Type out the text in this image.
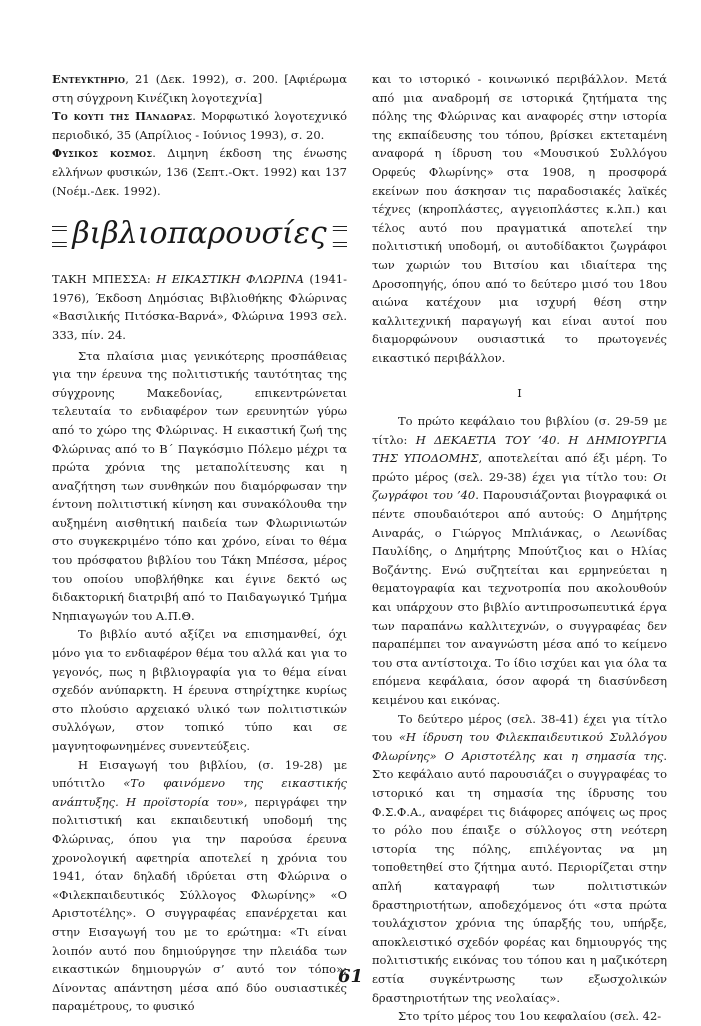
Εντευκτηριο, 21 (Δεκ. 1992), σ. 200. [Αφιέρωμα στη σύγχρονη Κινέζικη λογοτεχνία]

Το κουτι της Πανδωρας. Μορφωτικό λογοτεχνικό περιοδικό, 35 (Απρίλιος - Ιούνιος 1993), σ. 20.

Φυσικος κοσμος. Διμηνη έκδοση της ένωσης ελλήνων φυσικών, 136 (Σεπτ.-Οκτ. 1992) και 137 (Νοέμ.-Δεκ. 1992).

βιβλιοπαρουσίες

ΤΑΚΗ ΜΠΕΣΣΑ: Η ΕΙΚΑΣΤΙΚΗ ΦΛΩΡΙΝΑ (1941-1976), Έκδοση Δημόσιας Βιβλιοθήκης Φλώρινας «Βασιλικής Πιτόσκα-Βαρνά», Φλώρινα 1993 σελ. 333, πίν. 24.

Στα πλαίσια μιας γενικότερης προσπάθειας για την έρευνα της πολιτιστικής ταυτότητας της σύγχρονης Μακεδονίας, επικεντρώνεται τελευταία το ενδιαφέρον των ερευνητών γύρω από το χώρο της Φλώρινας. Η εικαστική ζωή της Φλώρινας από το Β΄ Παγκόσμιο Πόλεμο μέχρι τα πρώτα χρόνια της μεταπολίτευσης και η αναζήτηση των συνθηκών που διαμόρφωσαν την έντονη πολιτιστική κίνηση και συνακόλουθα την αυξημένη αισθητική παιδεία των Φλωρινιωτών στο συγκεκριμένο τόπο και χρόνο, είναι το θέμα του πρόσφατου βιβλίου του Τάκη Μπέσσα, μέρος του οποίου υποβλήθηκε και έγινε δεκτό ως διδακτορική διατριβή από το Παιδαγωγικό Τμήμα Νηπιαγωγών του Α.Π.Θ.

Το βιβλίο αυτό αξίζει να επισημανθεί, όχι μόνο για το ενδιαφέρον θέμα του αλλά και για το γεγονός, πως η βιβλιογραφία για το θέμα είναι σχεδόν ανύπαρκτη. Η έρευνα στηρίχτηκε κυρίως στο πλούσιο αρχειακό υλικό των πολιτιστικών συλλόγων, στον τοπικό τύπο και σε μαγνητοφωνημένες συνεντεύξεις.

Η Εισαγωγή του βιβλίου, (σ. 19-28) με υπότιτλο «Το φαινόμενο της εικαστικής ανάπτυξης. Η προϊστορία του», περιγράφει την πολιτιστική και εκπαιδευτική υποδομή της Φλώρινας, όπου για την παρούσα έρευνα χρονολογική αφετηρία αποτελεί η χρόνια του 1941, όταν δηλαδή ιδρύεται στη Φλώρινα ο «Φιλεκπαιδευτικός Σύλλογος Φλωρίνης» «Ο Αριστοτέλης». Ο συγγραφέας επανέρχεται και στην Εισαγωγή του με το ερώτημα: «Τι είναι λοιπόν αυτό που δημιούργησε την πλειάδα των εικαστικών δημιουργών σ’ αυτό τον τόπο»; Δίνοντας απάντηση μέσα από δύο ουσιαστικές παραμέτρους, το φυσικό

και το ιστορικό - κοινωνικό περιβάλλον. Μετά από μια αναδρομή σε ιστορικά ζητήματα της πόλης της Φλώρινας και αναφορές στην ιστορία της εκπαίδευσης του τόπου, βρίσκει εκτεταμένη αναφορά η ίδρυση του «Μουσικού Συλλόγου Ορφεύς Φλωρίνης» στα 1908, η προσφορά εκείνων που άσκησαν τις παραδοσιακές λαϊκές τέχνες (κηροπλάστες, αγγειοπλάστες κ.λπ.) και τέλος αυτό που πραγματικά αποτελεί την πολιτιστική υποδομή, οι αυτοδίδακτοι ζωγράφοι των χωριών του Βιτσίου και ιδιαίτερα της Δροσοπηγής, όπου από το δεύτερο μισό του 18ου αιώνα κατέχουν μια ισχυρή θέση στην καλλιτεχνική παραγωγή και είναι αυτοί που διαμορφώνουν ουσιαστικά το πρωτογενές εικαστικό περιβάλλον.

Ι

Το πρώτο κεφάλαιο του βιβλίου (σ. 29-59 με τίτλο: Η ΔΕΚΑΕΤΙΑ ΤΟΥ ’40. Η ΔΗΜΙΟΥΡΓΙΑ ΤΗΣ ΥΠΟΔΟΜΗΣ, αποτελείται από έξι μέρη. Το πρώτο μέρος (σελ. 29-38) έχει για τίτλο του: Οι ζωγράφοι του ’40. Παρουσιάζονται βιογραφικά οι πέντε σπουδαιότεροι από αυτούς: Ο Δημήτρης Αιναράς, ο Γιώργος Μπλιάνκας, ο Λεωνίδας Παυλίδης, ο Δημήτρης Μπούτζιος και ο Ηλίας Βοζάντης. Ενώ συζητείται και ερμηνεύεται η θεματογραφία και τεχνοτροπία που ακολουθούν και υπάρχουν στο βιβλίο αντιπροσωπευτικά έργα των παραπάνω καλλιτεχνών, ο συγγραφέας δεν παραπέμπει τον αναγνώστη μέσα από το κείμενο του στα αντίστοιχα. Το ίδιο ισχύει και για όλα τα επόμενα κεφάλαια, όσον αφορά τη διασύνδεση κειμένου και εικόνας.

Το δεύτερο μέρος (σελ. 38-41) έχει για τίτλο του «Η ίδρυση του Φιλεκπαιδευτικού Συλλόγου Φλωρίνης» Ο Αριστοτέλης και η σημασία της. Στο κεφάλαιο αυτό παρουσιάζει ο συγγραφέας το ιστορικό και τη σημασία της ίδρυσης του Φ.Σ.Φ.Α., αναφέρει τις διάφορες απόψεις ως προς το ρόλο που έπαιξε ο σύλλογος στη νεότερη ιστορία της πόλης, επιλέγοντας να μη τοποθετηθεί στο ζήτημα αυτό. Περιορίζεται στην απλή καταγραφή των πολιτιστικών δραστηριοτήτων, αποδεχόμενος ότι «στα πρώτα τουλάχιστον χρόνια της ύπαρξής του, υπήρξε, αποκλειστικό σχεδόν φορέας και δημιουργός της πολιτιστικής εικόνας του τόπου και η μαζικότερη εστία συγκέντρωσης των εξωσχολικών δραστηριοτήτων της νεολαίας».

Στο τρίτο μέρος του 1ου κεφαλαίου (σελ. 42-

61
